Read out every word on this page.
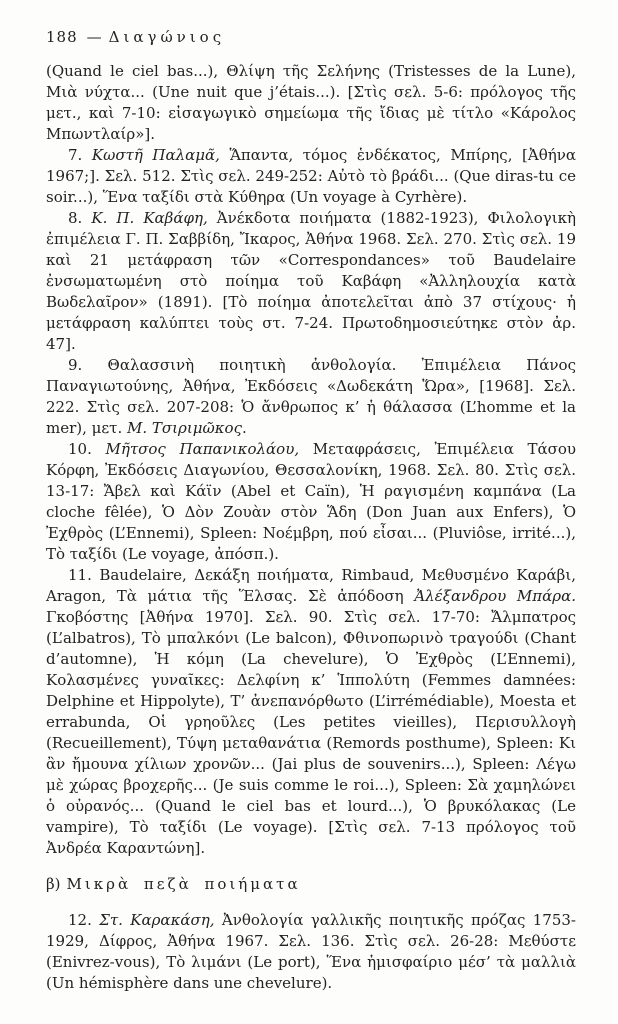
188 — Διαγώνιος

(Quand le ciel bas...), Θλίψη τῆς Σελήνης (Tristesses de la Lune), Μιὰ νύχτα... (Une nuit que j’étais...). [Στὶς σελ. 5-6: πρόλογος τῆς μετ., καὶ 7-10: εἰσαγωγικὸ σημείωμα τῆς ἴδιας μὲ τίτλο «Κάρολος Μπωντλαίρ»].

7. Κωστῆ Παλαμᾶ, Ἅπαντα, τόμος ἑνδέκατος, Μπίρης, [Ἀθήνα 1967;]. Σελ. 512. Στὶς σελ. 249-252: Αὐτὸ τὸ βράδι... (Que diras-tu ce soir...), Ἕνα ταξίδι στὰ Κύθηρα (Un voyage à Cyrhère).

8. Κ. Π. Καβάφη, Ἀνέκδοτα ποιήματα (1882-1923), Φιλολογικὴ ἐπιμέλεια Γ. Π. Σαββίδη, Ἴκαρος, Ἀθήνα 1968. Σελ. 270. Στὶς σελ. 19 καὶ 21 μετάφραση τῶν «Correspondances» τοῦ Baudelaire ἐνσωματωμένη στὸ ποίημα τοῦ Καβάφη «Ἀλληλουχία κατὰ Βωδελαῖρον» (1891). [Τὸ ποίημα ἀποτελεῖται ἀπὸ 37 στίχους· ἡ μετάφραση καλύπτει τοὺς στ. 7-24. Πρωτοδημοσιεύτηκε στὸν ἀρ. 47].

9. Θαλασσινὴ ποιητικὴ ἀνθολογία. Ἐπιμέλεια Πάνος Παναγιωτούνης, Ἀθήνα, Ἐκδόσεις «Δωδεκάτη Ὥρα», [1968]. Σελ. 222. Στὶς σελ. 207-208: Ὁ ἄνθρωπος κ’ ἡ θάλασσα (L’homme et la mer), μετ. Μ. Τσιριμῶκος.

10. Μῆτσος Παπανικολάου, Μεταφράσεις, Ἐπιμέλεια Τάσου Κόρφη, Ἐκδόσεις Διαγωνίου, Θεσσαλονίκη, 1968. Σελ. 80. Στὶς σελ. 13-17: Ἄβελ καὶ Κάϊν (Abel et Caïn), Ἡ ραγισμένη καμπάνα (La cloche fêlée), Ὁ Δὸν Ζουὰν στὸν Ἅδη (Don Juan aux Enfers), Ὁ Ἐχθρὸς (L’Ennemi), Spleen: Νοέμβρη, πού εἶσαι... (Pluviôse, irrité...), Τὸ ταξίδι (Le voyage, ἀπόσπ.).

11. Baudelaire, Δεκάξη ποιήματα, Rimbaud, Μεθυσμένο Καράβι, Aragon, Τὰ μάτια τῆς Ἕλσας. Σὲ ἀπόδοση Ἀλέξανδρου Μπάρα. Γκοβόστης [Ἀθήνα 1970]. Σελ. 90. Στὶς σελ. 17-70: Ἄλμπατρος (L’albatros), Τὸ μπαλκόνι (Le balcon), Φθινοπωρινὸ τραγούδι (Chant d’automne), Ἡ κόμη (La chevelure), Ὁ Ἐχθρὸς (L’Ennemi), Κολασμένες γυναῖκες: Δελφίνη κ’ Ἱππολύτη (Femmes damnées: Delphine et Hippolyte), Τ’ ἀνεπανόρθωτο (L’irrémédiable), Moesta et errabunda, Οἱ γρηοῦλες (Les petites vieilles), Περισυλλογὴ (Recueillement), Τύψη μεταθανάτια (Remords posthume), Spleen: Κι ἂν ἤμουνα χίλιων χρονῶν... (Jai plus de souvenirs...), Spleen: Λέγω μὲ χώρας βροχερῆς... (Je suis comme le roi...), Spleen: Σὰ χαμηλώνει ὁ οὐρανός... (Quand le ciel bas et lourd...), Ὁ βρυκόλακας (Le vampire), Τὸ ταξίδι (Le voyage). [Στὶς σελ. 7-13 πρόλογος τοῦ Ἀνδρέα Καραντώνη].

β) Μικρὰ πεζὰ ποιήματα

12. Στ. Καρακάση, Ἀνθολογία γαλλικῆς ποιητικῆς πρόζας 1753-1929, Δίφρος, Ἀθήνα 1967. Σελ. 136. Στὶς σελ. 26-28: Μεθύστε (Enivrez-vous), Τὸ λιμάνι (Le port), Ἕνα ἡμισφαίριο μέσ’ τὰ μαλλιὰ (Un hémisphère dans une chevelure).
